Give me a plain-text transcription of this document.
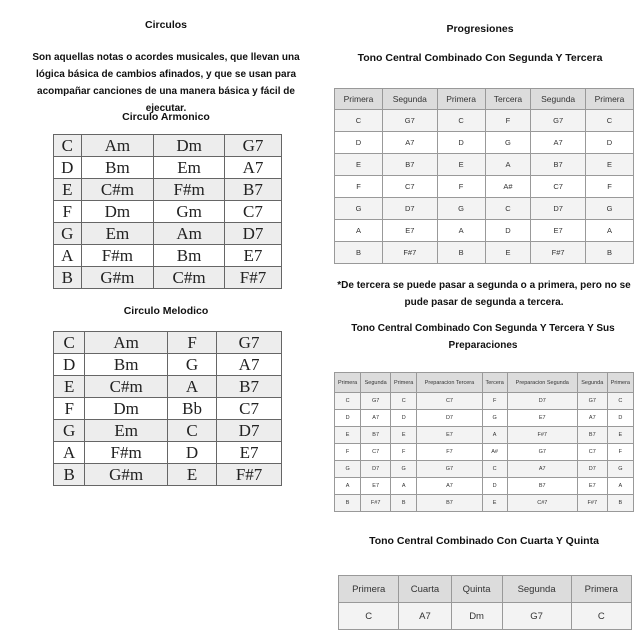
Circulos
Son aquellas notas o acordes musicales, que llevan una lógica básica de cambios afinados, y que se usan para acompañar canciones de una manera básica y fácil de ejecutar.
Circulo Armonico
C	Am	Dm	G7
D	Bm	Em	A7
E	C#m	F#m	B7
F	Dm	Gm	C7
G	Em	Am	D7
A	F#m	Bm	E7
B	G#m	C#m	F#7
Circulo Melodico
C	Am	F	G7
D	Bm	G	A7
E	C#m	A	B7
F	Dm	Bb	C7
G	Em	C	D7
A	F#m	D	E7
B	G#m	E	F#7
Progresiones
Tono Central Combinado Con Segunda Y Tercera
Primera	Segunda	Primera	Tercera	Segunda	Primera
C	G7	C	F	G7	C
D	A7	D	G	A7	D
E	B7	E	A	B7	E
F	C7	F	A#	C7	F
G	D7	G	C	D7	G
A	E7	A	D	E7	A
B	F#7	B	E	F#7	B
*De tercera se puede pasar a segunda o a primera, pero no se pude pasar de segunda a tercera.
Tono Central Combinado Con Segunda Y Tercera Y Sus Preparaciones
Primera	Segunda	Primera	Preparacion Tercera	Tercera	Preparacion Segunda	Segunda	Primera
C	G7	C	C7	F	D7	G7	C
D	A7	D	D7	G	E7	A7	D
E	B7	E	E7	A	F#7	B7	E
F	C7	F	F7	A#	G7	C7	F
G	D7	G	G7	C	A7	D7	G
A	E7	A	A7	D	B7	E7	A
B	F#7	B	B7	E	C#7	F#7	B
Tono Central Combinado Con Cuarta Y Quinta
Primera	Cuarta	Quinta	Segunda	Primera
C	A7	Dm	G7	C
